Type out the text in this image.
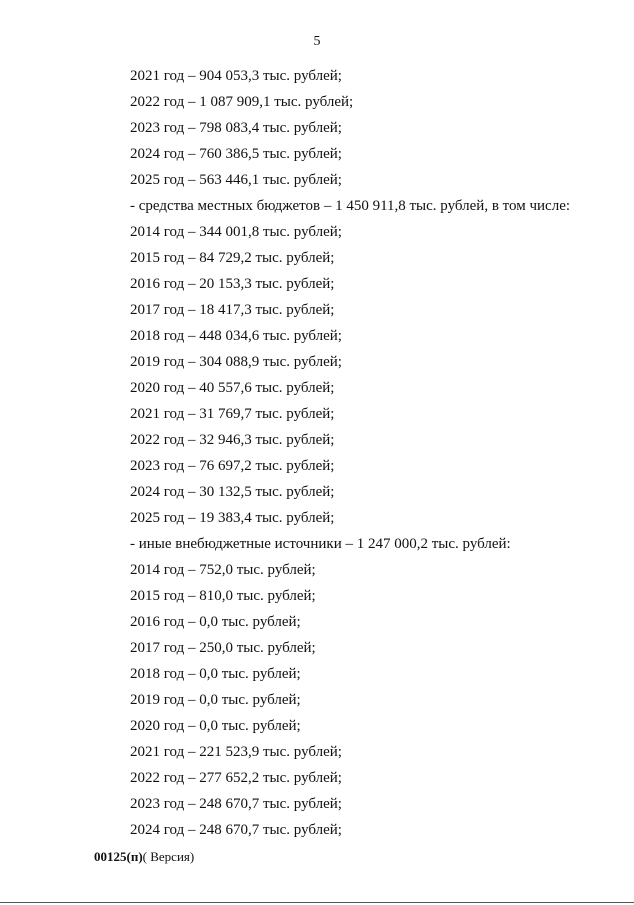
5
2021 год – 904 053,3 тыс. рублей;
2022 год – 1 087 909,1 тыс. рублей;
2023 год – 798 083,4 тыс. рублей;
2024 год – 760 386,5 тыс. рублей;
2025 год – 563 446,1 тыс. рублей;
- средства местных бюджетов – 1 450 911,8 тыс. рублей, в том числе:
2014 год – 344 001,8 тыс. рублей;
2015 год – 84 729,2 тыс. рублей;
2016 год – 20 153,3 тыс. рублей;
2017 год – 18 417,3 тыс. рублей;
2018 год – 448 034,6 тыс. рублей;
2019 год – 304 088,9 тыс. рублей;
2020 год – 40 557,6 тыс. рублей;
2021 год – 31 769,7 тыс. рублей;
2022 год – 32 946,3 тыс. рублей;
2023 год – 76 697,2 тыс. рублей;
2024 год – 30 132,5 тыс. рублей;
2025 год – 19 383,4 тыс. рублей;
- иные внебюджетные источники – 1 247 000,2 тыс. рублей:
2014 год – 752,0 тыс. рублей;
2015 год – 810,0 тыс. рублей;
2016 год – 0,0 тыс. рублей;
2017 год – 250,0 тыс. рублей;
2018 год – 0,0 тыс. рублей;
2019 год – 0,0 тыс. рублей;
2020 год – 0,0 тыс. рублей;
2021 год – 221 523,9 тыс. рублей;
2022 год – 277 652,2 тыс. рублей;
2023 год – 248 670,7 тыс. рублей;
2024 год – 248 670,7 тыс. рублей;
00125(п)( Версия)
